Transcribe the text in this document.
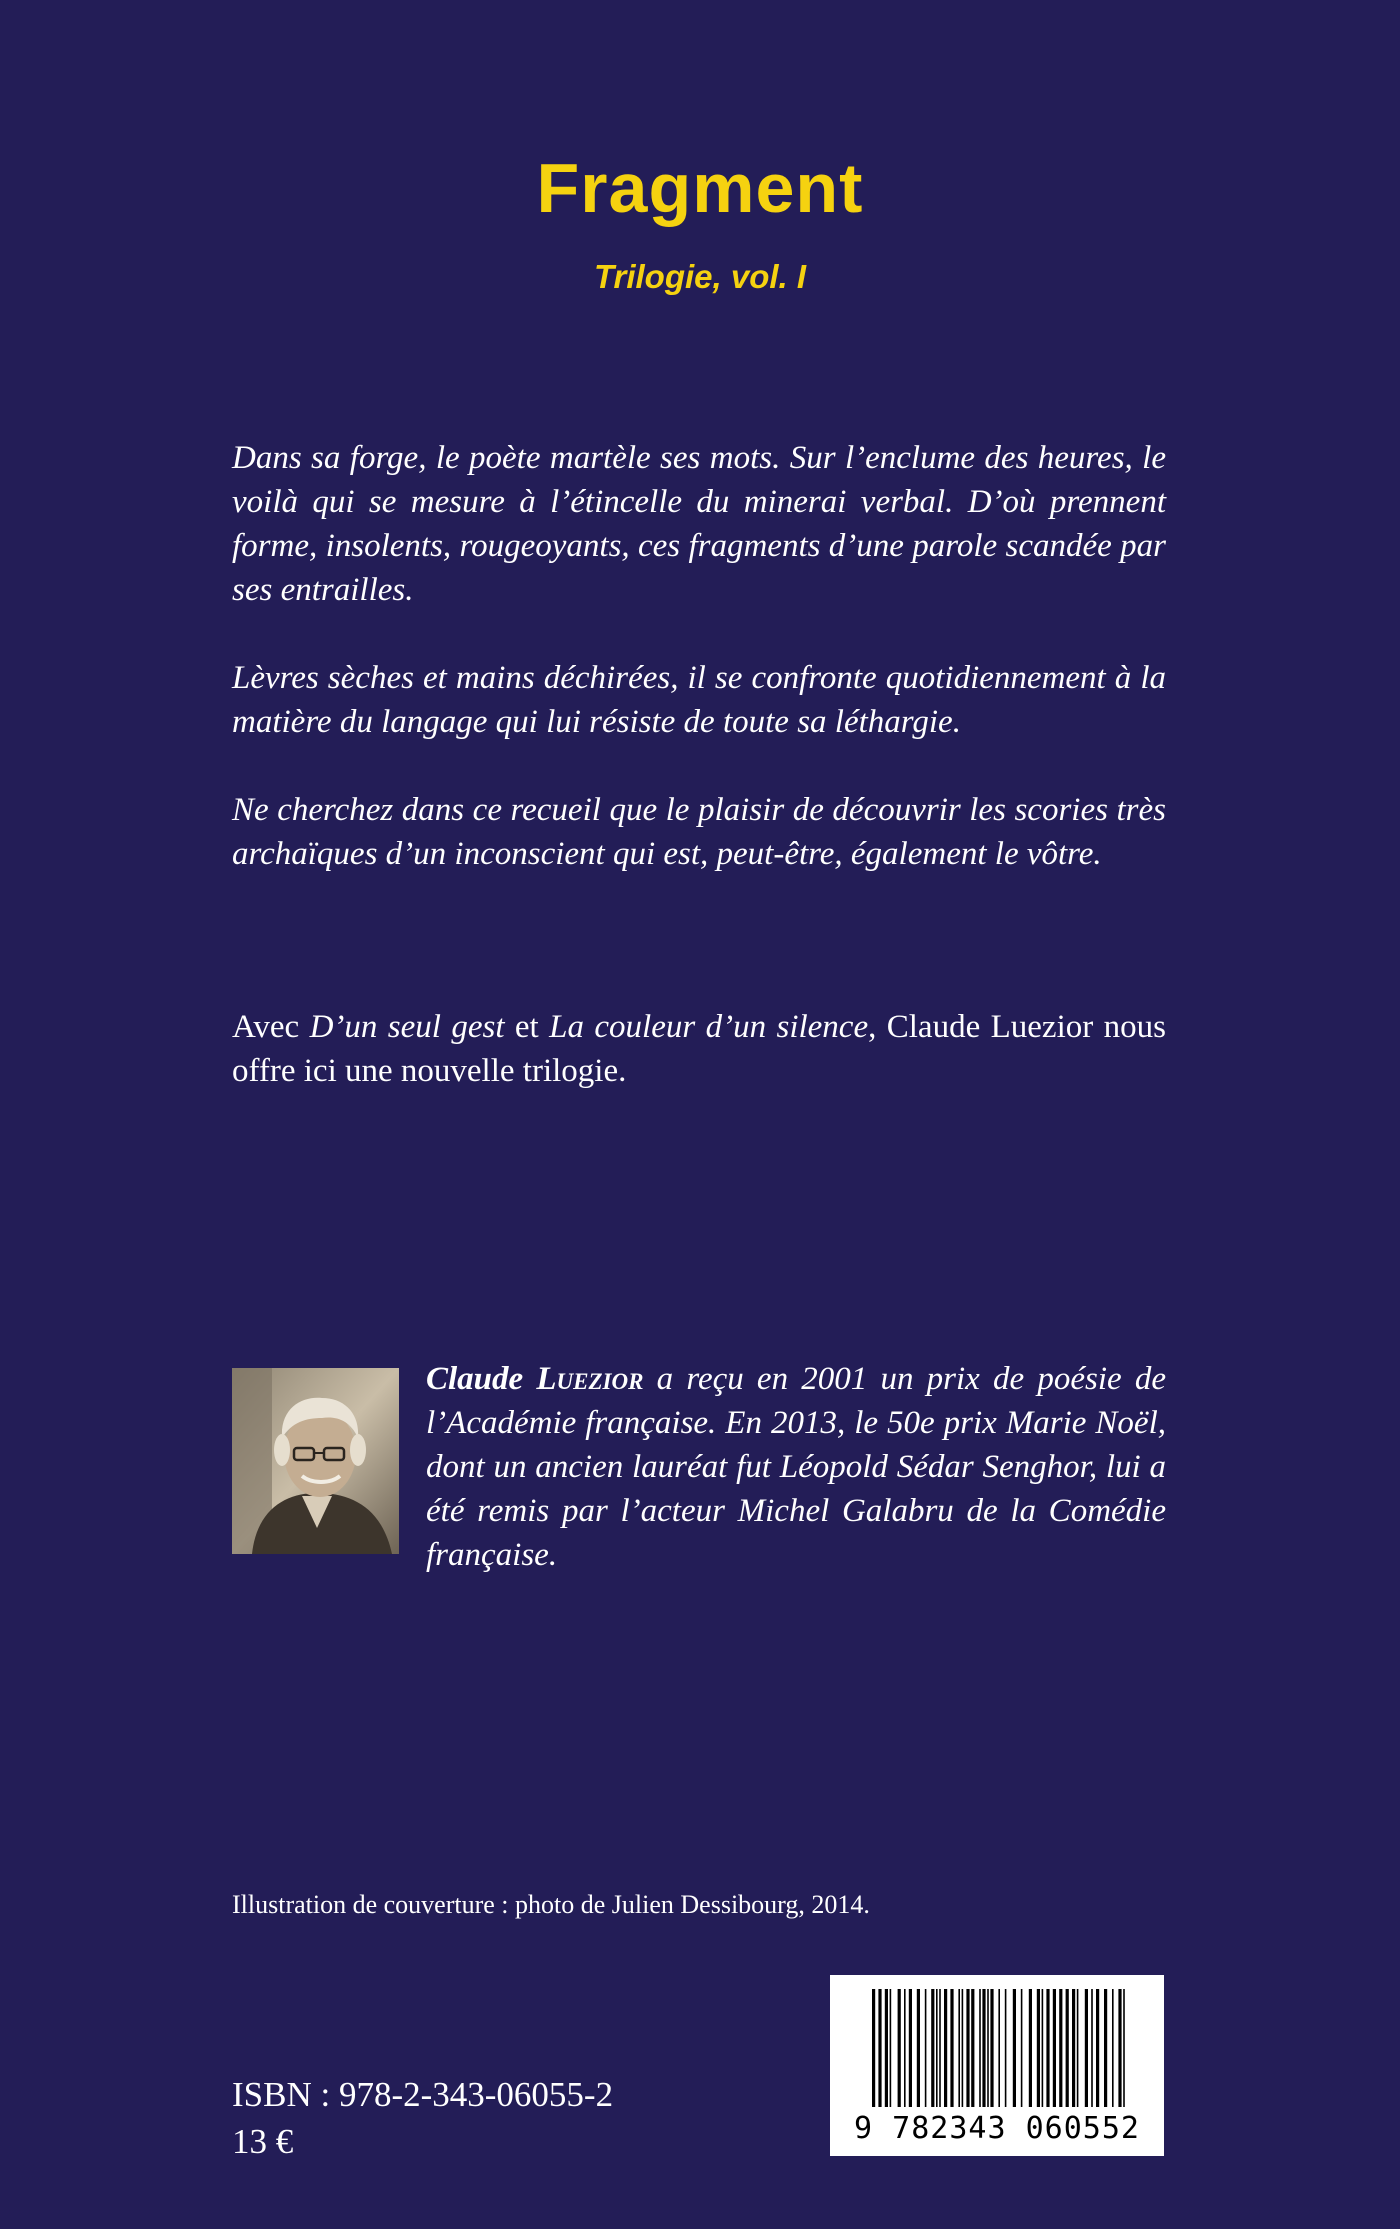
Fragment

Trilogie, vol. I

Dans sa forge, le poète martèle ses mots. Sur l’enclume des heures, le voilà qui se mesure à l’étincelle du minerai verbal. D’où prennent forme, insolents, rougeoyants, ces fragments d’une parole scandée par ses entrailles.

Lèvres sèches et mains déchirées, il se confronte quotidiennement à la matière du langage qui lui résiste de toute sa léthargie.

Ne cherchez dans ce recueil que le plaisir de découvrir les scories très archaïques d’un inconscient qui est, peut-être, également le vôtre.

Avec D’un seul gest et La couleur d’un silence, Claude Luezior nous offre ici une nouvelle trilogie.

Claude Luezior a reçu en 2001 un prix de poésie de l’Académie française. En 2013, le 50e prix Marie Noël, dont un ancien lauréat fut Léopold Sédar Senghor, lui a été remis par l’acteur Michel Galabru de la Comédie française.

Illustration de couverture : photo de Julien Dessibourg, 2014.

ISBN : 978-2-343-06055-2

13 €	9 782343 060552
